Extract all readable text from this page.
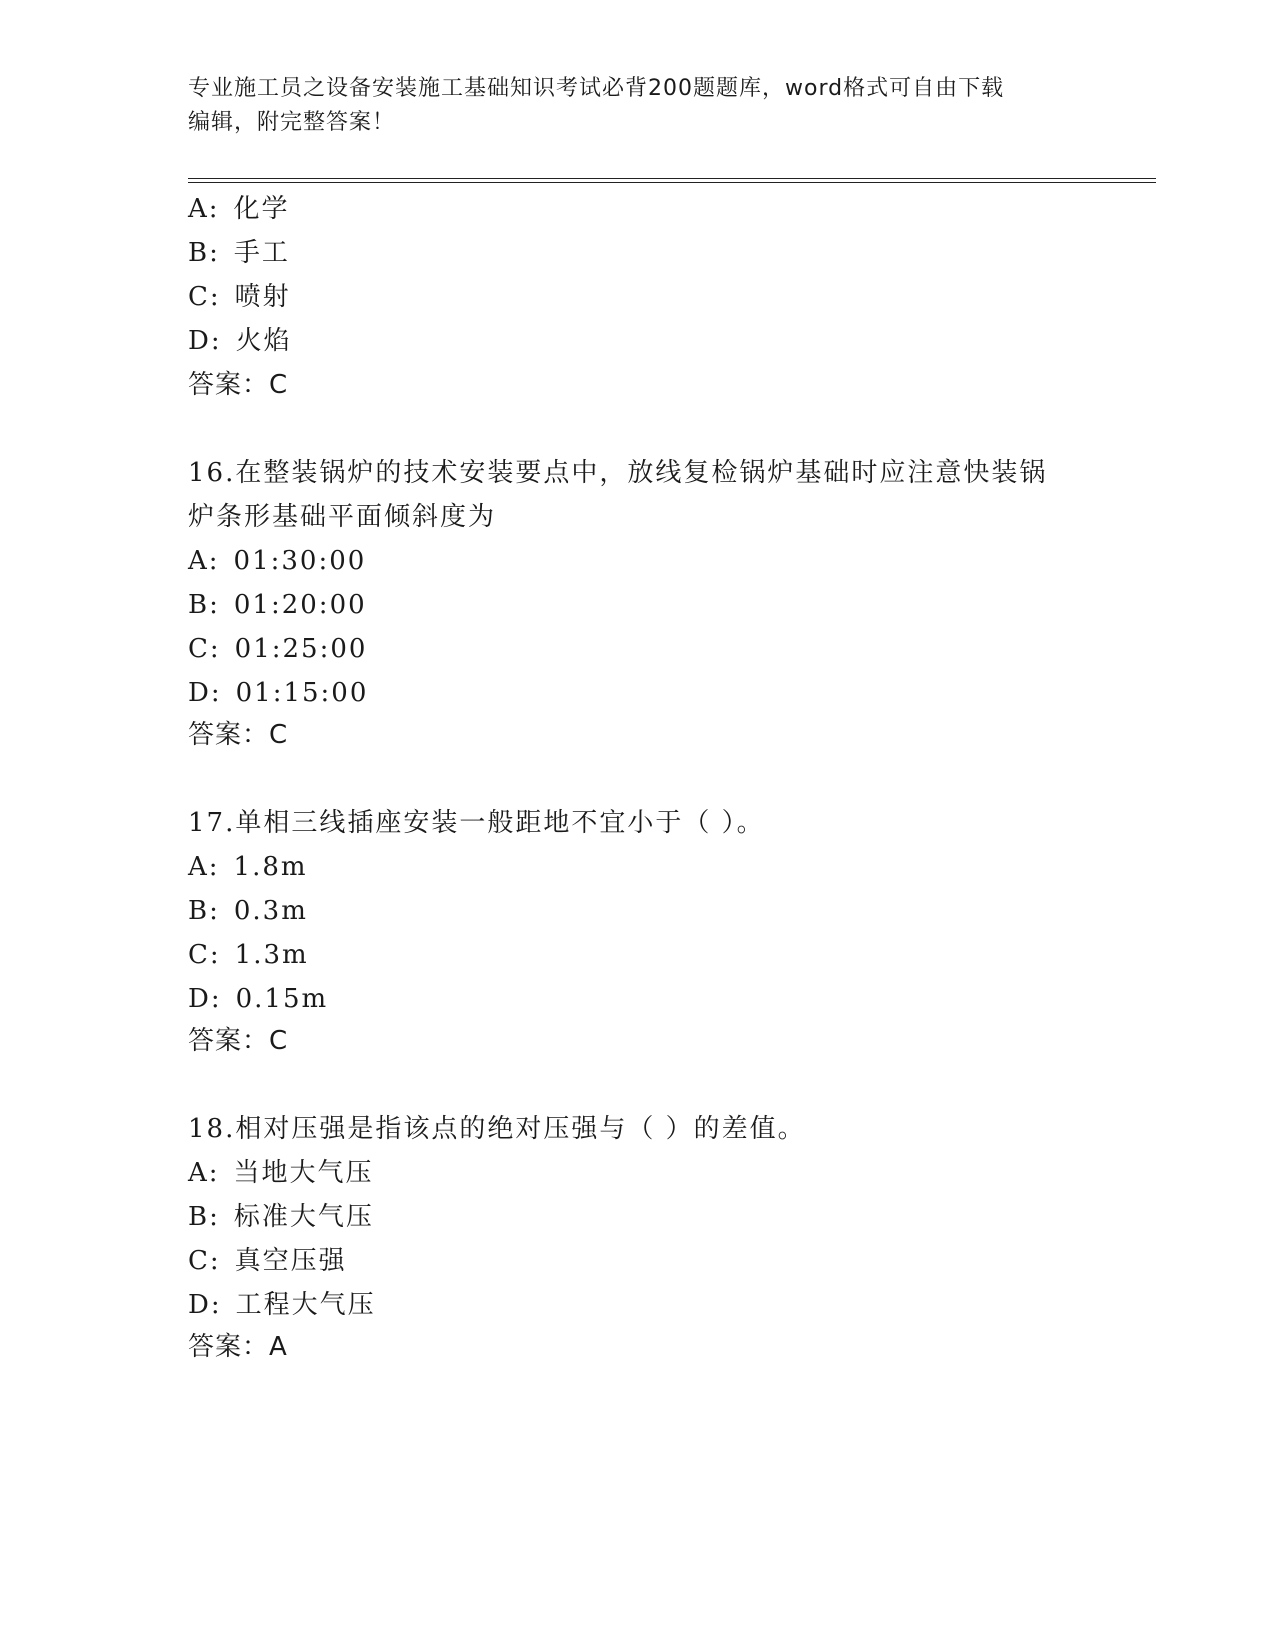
专业施工员之设备安装施工基础知识考试必背200题题库，word格式可自由下载
编辑，附完整答案！
A: 化学
B: 手工
C: 喷射
D: 火焰
答案：C
16.在整装锅炉的技术安装要点中，放线复检锅炉基础时应注意快装锅
炉条形基础平面倾斜度为
A: 01:30:00
B: 01:20:00
C: 01:25:00
D: 01:15:00
答案：C
17.单相三线插座安装一般距地不宜小于（ ）。
A: 1.8m
B: 0.3m
C: 1.3m
D: 0.15m
答案：C
18.相对压强是指该点的绝对压强与（ ）的差值。
A: 当地大气压
B: 标准大气压
C: 真空压强
D: 工程大气压
答案：A
